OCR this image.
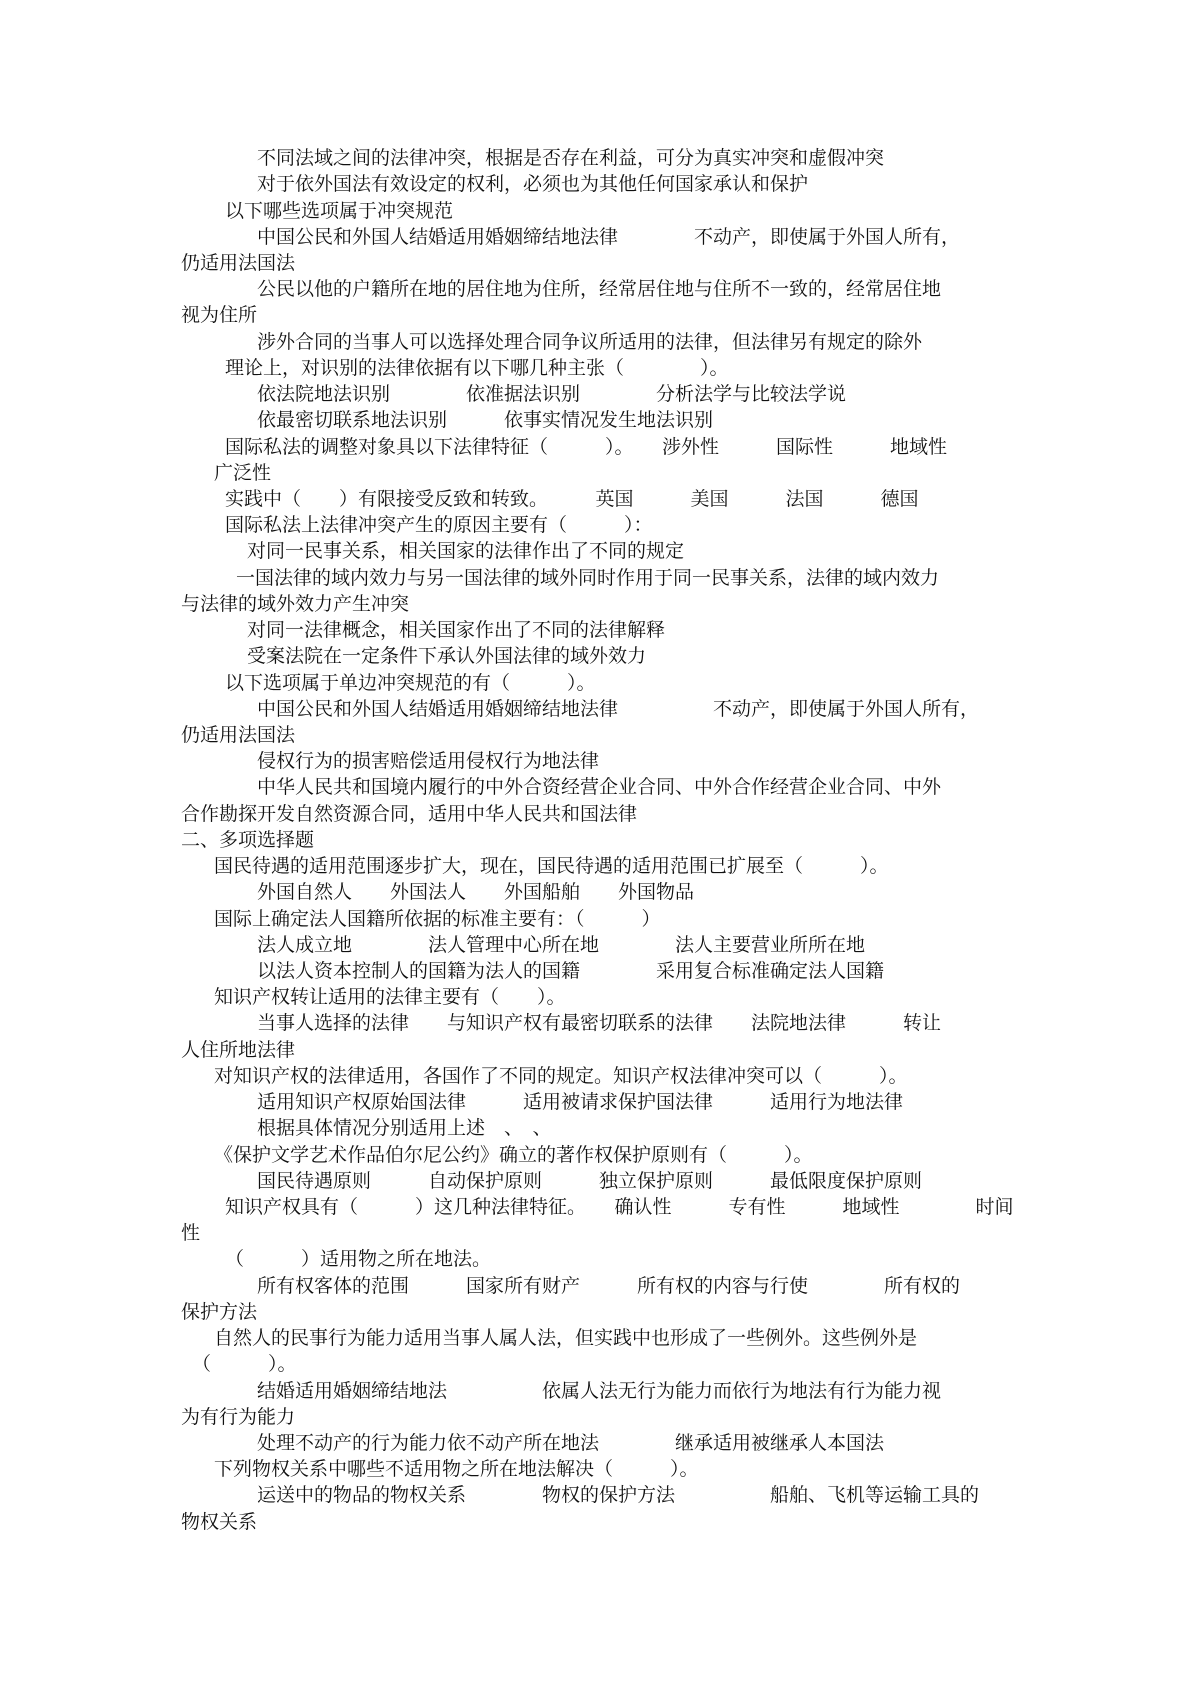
不同法域之间的法律冲突，根据是否存在利益，可分为真实冲突和虚假冲突
对于依外国法有效设定的权利，必须也为其他任何国家承认和保护
以下哪些选项属于冲突规范
中国公民和外国人结婚适用婚姻缔结地法律　　　　不动产，即使属于外国人所有，
仍适用法国法
公民以他的户籍所在地的居住地为住所，经常居住地与住所不一致的，经常居住地
视为住所
涉外合同的当事人可以选择处理合同争议所适用的法律，但法律另有规定的除外
理论上，对识别的法律依据有以下哪几种主张（　　　　）。
依法院地法识别　　　　依准据法识别　　　　分析法学与比较法学说
依最密切联系地法识别　　　依事实情况发生地法识别
国际私法的调整对象具以下法律特征（　　　）。　　涉外性　　　国际性　　　地域性
广泛性
实践中（　　）有限接受反致和转致。　　　英国　　　美国　　　法国　　　德国
国际私法上法律冲突产生的原因主要有（　　　）：
对同一民事关系，相关国家的法律作出了不同的规定
一国法律的域内效力与另一国法律的域外同时作用于同一民事关系，法律的域内效力
与法律的域外效力产生冲突
对同一法律概念，相关国家作出了不同的法律解释
受案法院在一定条件下承认外国法律的域外效力
以下选项属于单边冲突规范的有（　　　）。
中国公民和外国人结婚适用婚姻缔结地法律　　　　　不动产，即使属于外国人所有，
仍适用法国法
侵权行为的损害赔偿适用侵权行为地法律
中华人民共和国境内履行的中外合资经营企业合同、中外合作经营企业合同、中外
合作勘探开发自然资源合同，适用中华人民共和国法律
二、多项选择题
国民待遇的适用范围逐步扩大，现在，国民待遇的适用范围已扩展至（　　　）。
外国自然人　　外国法人　　外国船舶　　外国物品
国际上确定法人国籍所依据的标准主要有：（　　　）
法人成立地　　　　法人管理中心所在地　　　　法人主要营业所所在地
以法人资本控制人的国籍为法人的国籍　　　　采用复合标准确定法人国籍
知识产权转让适用的法律主要有（　　）。
当事人选择的法律　　与知识产权有最密切联系的法律　　法院地法律　　　转让
人住所地法律
对知识产权的法律适用，各国作了不同的规定。知识产权法律冲突可以（　　　）。
适用知识产权原始国法律　　　适用被请求保护国法律　　　适用行为地法律
根据具体情况分别适用上述　、　、
《保护文学艺术作品伯尔尼公约》确立的著作权保护原则有（　　　）。
国民待遇原则　　　自动保护原则　　　独立保护原则　　　最低限度保护原则
知识产权具有（　　　）这几种法律特征。　　确认性　　　专有性　　　地域性　　　　时间
性
（　　　）适用物之所在地法。
所有权客体的范围　　　国家所有财产　　　所有权的内容与行使　　　　所有权的
保护方法
自然人的民事行为能力适用当事人属人法，但实践中也形成了一些例外。这些例外是
（　　　）。
结婚适用婚姻缔结地法　　　　　依属人法无行为能力而依行为地法有行为能力视
为有行为能力
处理不动产的行为能力依不动产所在地法　　　　继承适用被继承人本国法
下列物权关系中哪些不适用物之所在地法解决（　　　）。
运送中的物品的物权关系　　　　物权的保护方法　　　　　船舶、飞机等运输工具的
物权关系
